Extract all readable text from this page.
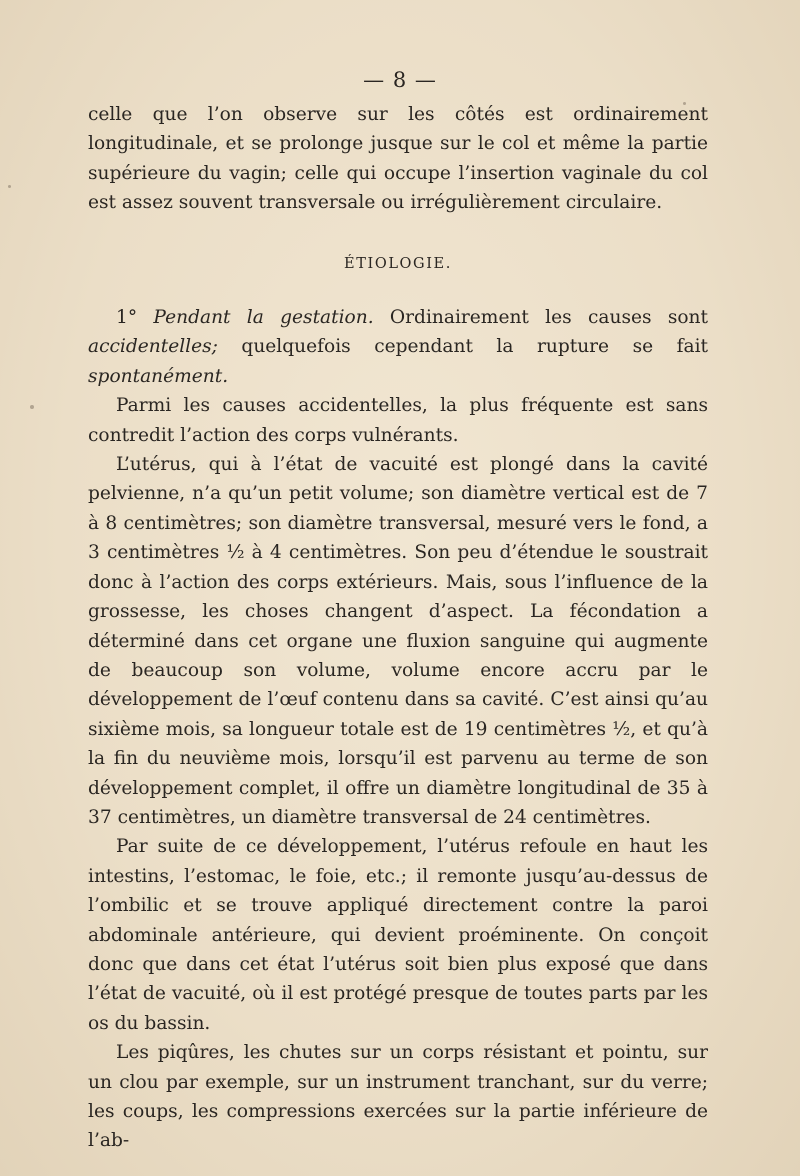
— 8 —

celle que l’on observe sur les côtés est ordinairement longitudinale, et se prolonge jusque sur le col et même la partie supérieure du vagin; celle qui occupe l’insertion vaginale du col est assez souvent transversale ou irrégulièrement circulaire.

ÉTIOLOGIE.

1° Pendant la gestation. Ordinairement les causes sont accidentelles; quelquefois cependant la rupture se fait spontanément.

Parmi les causes accidentelles, la plus fréquente est sans contredit l’action des corps vulnérants.

L’utérus, qui à l’état de vacuité est plongé dans la cavité pelvienne, n’a qu’un petit volume; son diamètre vertical est de 7 à 8 centimètres; son diamètre transversal, mesuré vers le fond, a 3 centimètres ½ à 4 centimètres. Son peu d’étendue le soustrait donc à l’action des corps extérieurs. Mais, sous l’influence de la grossesse, les choses changent d’aspect. La fécondation a déterminé dans cet organe une fluxion sanguine qui augmente de beaucoup son volume, volume encore accru par le développement de l’œuf contenu dans sa cavité. C’est ainsi qu’au sixième mois, sa longueur totale est de 19 centimètres ½, et qu’à la fin du neuvième mois, lorsqu’il est parvenu au terme de son développement complet, il offre un diamètre longitudinal de 35 à 37 centimètres, un diamètre transversal de 24 centimètres.

Par suite de ce développement, l’utérus refoule en haut les intestins, l’estomac, le foie, etc.; il remonte jusqu’au-dessus de l’ombilic et se trouve appliqué directement contre la paroi abdominale antérieure, qui devient proéminente. On conçoit donc que dans cet état l’utérus soit bien plus exposé que dans l’état de vacuité, où il est protégé presque de toutes parts par les os du bassin.

Les piqûres, les chutes sur un corps résistant et pointu, sur un clou par exemple, sur un instrument tranchant, sur du verre; les coups, les compressions exercées sur la partie inférieure de l’ab-
